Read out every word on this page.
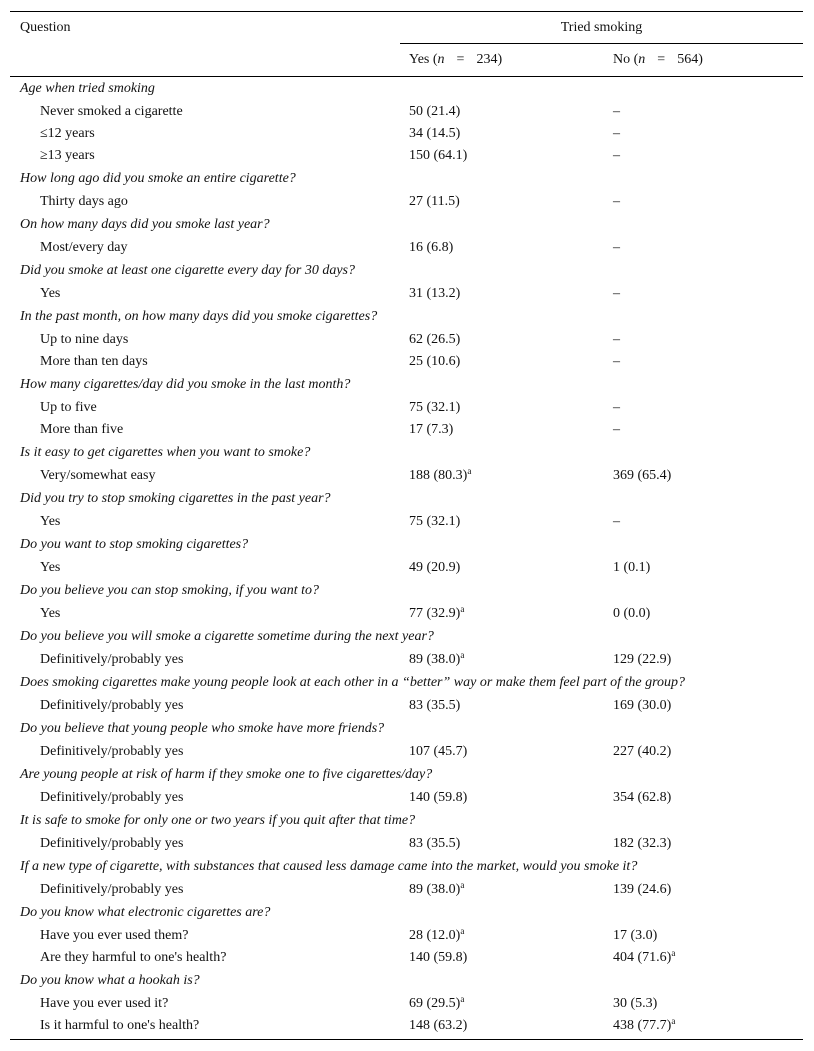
Question	Tried smoking
Yes (n = 234)	No (n = 564)
Age when tried smoking
Never smoked a cigarette	50 (21.4)	–
≤12 years	34 (14.5)	–
≥13 years	150 (64.1)	–
How long ago did you smoke an entire cigarette?
Thirty days ago	27 (11.5)	–
On how many days did you smoke last year?
Most/every day	16 (6.8)	–
Did you smoke at least one cigarette every day for 30 days?
Yes	31 (13.2)	–
In the past month, on how many days did you smoke cigarettes?
Up to nine days	62 (26.5)	–
More than ten days	25 (10.6)	–
How many cigarettes/day did you smoke in the last month?
Up to five	75 (32.1)	–
More than five	17 (7.3)	–
Is it easy to get cigarettes when you want to smoke?
Very/somewhat easy	188 $(80.3)^a$	369 (65.4)
Did you try to stop smoking cigarettes in the past year?
Yes	75 (32.1)	–
Do you want to stop smoking cigarettes?
Yes	49 (20.9)	1 (0.1)
Do you believe you can stop smoking, if you want to?
Yes	77 $(32.9)^a$	0 (0.0)
Do you believe you will smoke a cigarette sometime during the next year?
Definitively/probably yes	89 $(38.0)^a$	129 (22.9)
Does smoking cigarettes make young people look at each other in a “better” way or make them feel part of the group?
Definitively/probably yes	83 (35.5)	169 (30.0)
Do you believe that young people who smoke have more friends?
Definitively/probably yes	107 (45.7)	227 (40.2)
Are young people at risk of harm if they smoke one to five cigarettes/day?
Definitively/probably yes	140 (59.8)	354 (62.8)
It is safe to smoke for only one or two years if you quit after that time?
Definitively/probably yes	83 (35.5)	182 (32.3)
If a new type of cigarette, with substances that caused less damage came into the market, would you smoke it?
Definitively/probably yes	89 $(38.0)^a$	139 (24.6)
Do you know what electronic cigarettes are?
Have you ever used them?	28 $(12.0)^a$	17 (3.0)
Are they harmful to one's health?	140 (59.8)	404 $(71.6)^a$
Do you know what a hookah is?
Have you ever used it?	69 $(29.5)^a$	30 (5.3)
Is it harmful to one's health?	148 (63.2)	438 $(77.7)^a$
